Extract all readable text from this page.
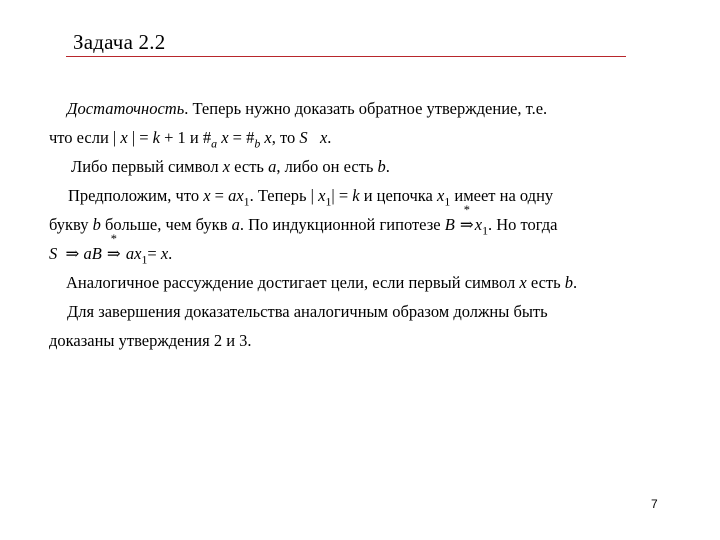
Задача 2.2
Достаточность. Теперь нужно доказать обратное утверждение, т.е.
что если | x | = k + 1 и $\#_a$ $x = \#_b$ x, то S x.
Либо первый символ x есть a, либо он есть b.
Предположим, что $x = ax_1$. Теперь | $x_1| = k$ и цепочка $x_1$ имеет на одну
букву b больше, чем букв a. По индукционной гипотезе B
*
$\Rightarrow x_1$. Но тогда
S ⇒ aB
*
⇒ $ax_1= x$.
Аналогичное рассуждение достигает цели, если первый символ x есть b.
Для завершения доказательства аналогичным образом должны быть
доказаны утверждения 2 и 3.
7
